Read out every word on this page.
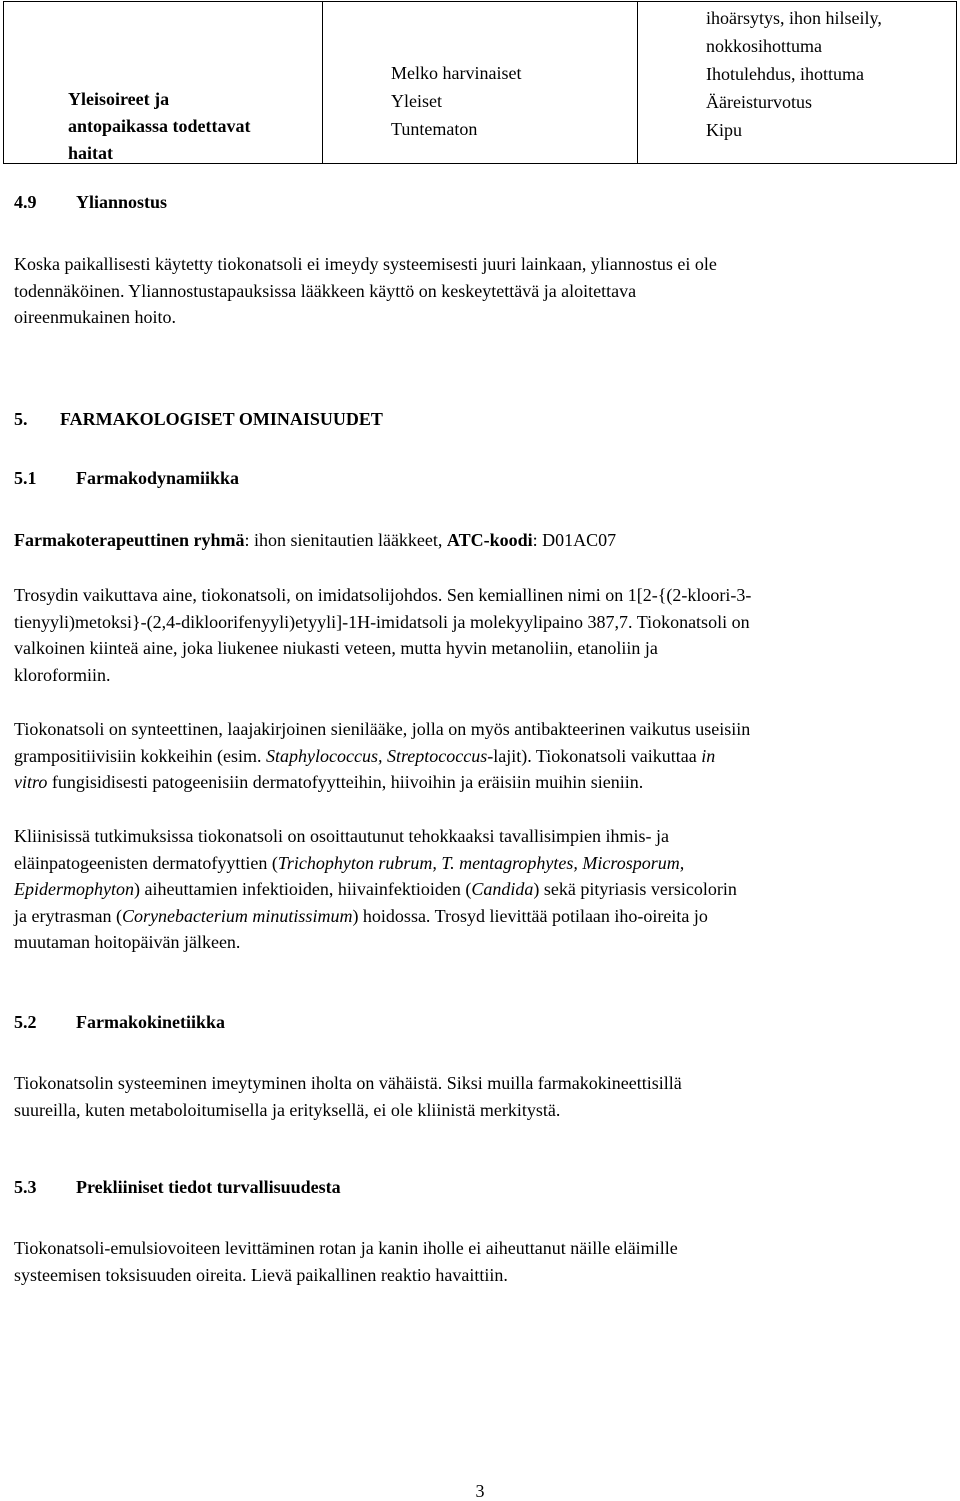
Yleisoireet ja
antopaikassa todettavat
haitat

Melko harvinaiset
Yleiset
Tuntematon

ihoärsytys, ihon hilseily,
nokkosihottuma
Ihotulehdus, ihottuma
Ääreisturvotus
Kipu
4.9 Yliannostus

Koska paikallisesti käytetty tiokonatsoli ei imeydy systeemisesti juuri lainkaan, yliannostus ei ole
todennäköinen. Yliannostustapauksissa lääkkeen käyttö on keskeytettävä ja aloitettava
oireenmukainen hoito.

5. FARMAKOLOGISET OMINAISUUDET
5.1 Farmakodynamiikka

Farmakoterapeuttinen ryhmä: ihon sienitautien lääkkeet, ATC-koodi: D01AC07

Trosydin vaikuttava aine, tiokonatsoli, on imidatsolijohdos. Sen kemiallinen nimi on 1[2-{(2-kloori-3-
tienyyli)metoksi}-(2,4-dikloorifenyyli)etyyli]-1H-imidatsoli ja molekyylipaino 387,7. Tiokonatsoli on
valkoinen kiinteä aine, joka liukenee niukasti veteen, mutta hyvin metanoliin, etanoliin ja
kloroformiin.

Tiokonatsoli on synteettinen, laajakirjoinen sienilääke, jolla on myös antibakteerinen vaikutus useisiin
grampositiivisiin kokkeihin (esim. Staphylococcus, Streptococcus-lajit). Tiokonatsoli vaikuttaa in
vitro fungisidisesti patogeenisiin dermatofyytteihin, hiivoihin ja eräisiin muihin sieniin.

Kliinisissä tutkimuksissa tiokonatsoli on osoittautunut tehokkaaksi tavallisimpien ihmis- ja
eläinpatogeenisten dermatofyyttien (Trichophyton rubrum, T. mentagrophytes, Microsporum,
Epidermophyton) aiheuttamien infektioiden, hiivainfektioiden (Candida) sekä pityriasis versicolorin
ja erytrasman (Corynebacterium minutissimum) hoidossa. Trosyd lievittää potilaan iho-oireita jo
muutaman hoitopäivän jälkeen.

5.2 Farmakokinetiikka

Tiokonatsolin systeeminen imeytyminen iholta on vähäistä. Siksi muilla farmakokineettisillä
suureilla, kuten metaboloitumisella ja erityksellä, ei ole kliinistä merkitystä.

5.3 Prekliiniset tiedot turvallisuudesta

Tiokonatsoli-emulsiovoiteen levittäminen rotan ja kanin iholle ei aiheuttanut näille eläimille
systeemisen toksisuuden oireita. Lievä paikallinen reaktio havaittiin.

3
